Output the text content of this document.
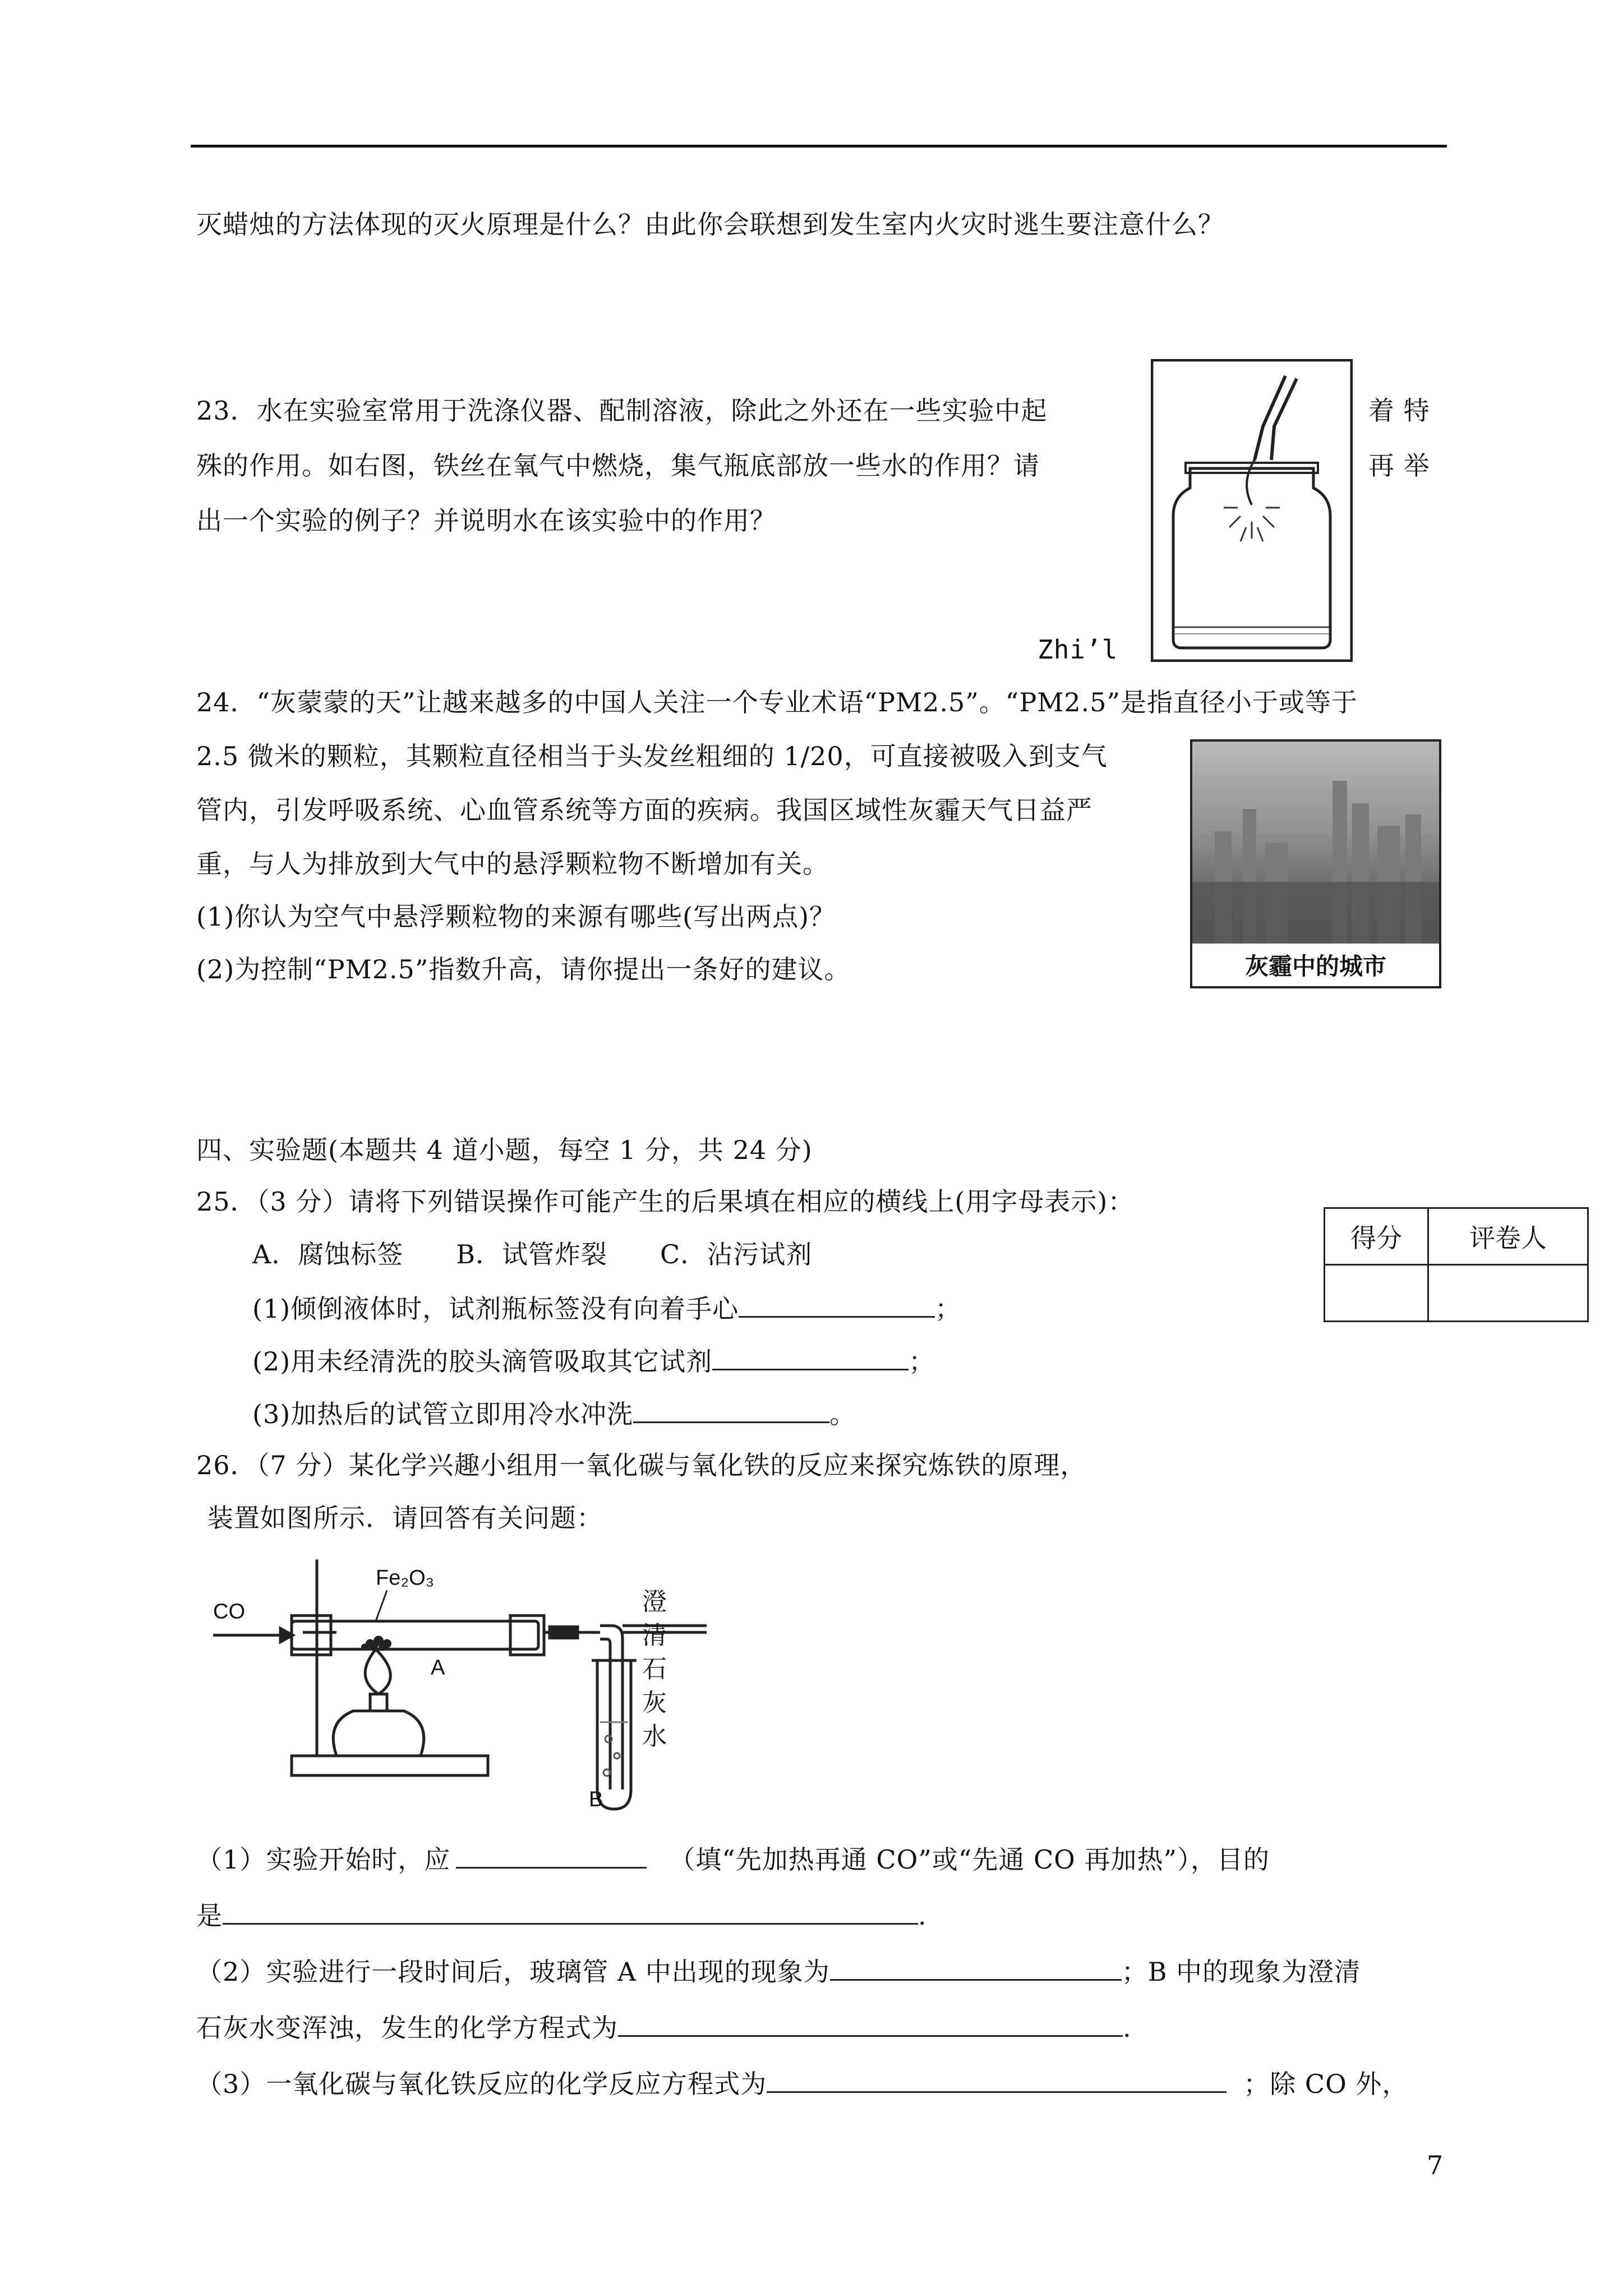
灭蜡烛的方法体现的灭火原理是什么？由此你会联想到发生室内火灾时逃生要注意什么？
23．水在实验室常用于洗涤仪器、配制溶液，除此之外还在一些实验中起	着 特
殊的作用。如右图，铁丝在氧气中燃烧，集气瓶底部放一些水的作用？请	再 举
出一个实验的例子？并说明水在该实验中的作用？
Zhi’l
24．“灰蒙蒙的天”让越来越多的中国人关注一个专业术语“PM2.5”。“PM2.5”是指直径小于或等于
2.5 微米的颗粒，其颗粒直径相当于头发丝粗细的 1/20，可直接被吸入到支气
管内，引发呼吸系统、心血管系统等方面的疾病。我国区域性灰霾天气日益严
重，与人为排放到大气中的悬浮颗粒物不断增加有关。
(1)你认为空气中悬浮颗粒物的来源有哪些(写出两点)？
(2)为控制“PM2.5”指数升高，请你提出一条好的建议。	灰霾中的城市
四、实验题(本题共 4 道小题，每空 1 分，共 24 分)
得分	评卷人

25．（3 分）请将下列错误操作可能产生的后果填在相应的横线上(用字母表示)：
A．腐蚀标签　　B．试管炸裂　　C．沾污试剂
(1)倾倒液体时，试剂瓶标签没有向着手心	；
(2)用未经清洗的胶头滴管吸取其它试剂	；
(3)加热后的试管立即用冷水冲洗	。
26．（7 分）某化学兴趣小组用一氧化碳与氧化铁的反应来探究炼铁的原理，
装置如图所示．请回答有关问题：
CO
Fe₂O₃
A
B
澄
清
石
灰
水
（1）实验开始时，应	（填“先加热再通 CO”或“先通 CO 再加热”），目的
是	.
（2）实验进行一段时间后，玻璃管 A 中出现的现象为	；B 中的现象为澄清
石灰水变浑浊，发生的化学方程式为	.
（3）一氧化碳与氧化铁反应的化学反应方程式为	；除 CO 外，
7
